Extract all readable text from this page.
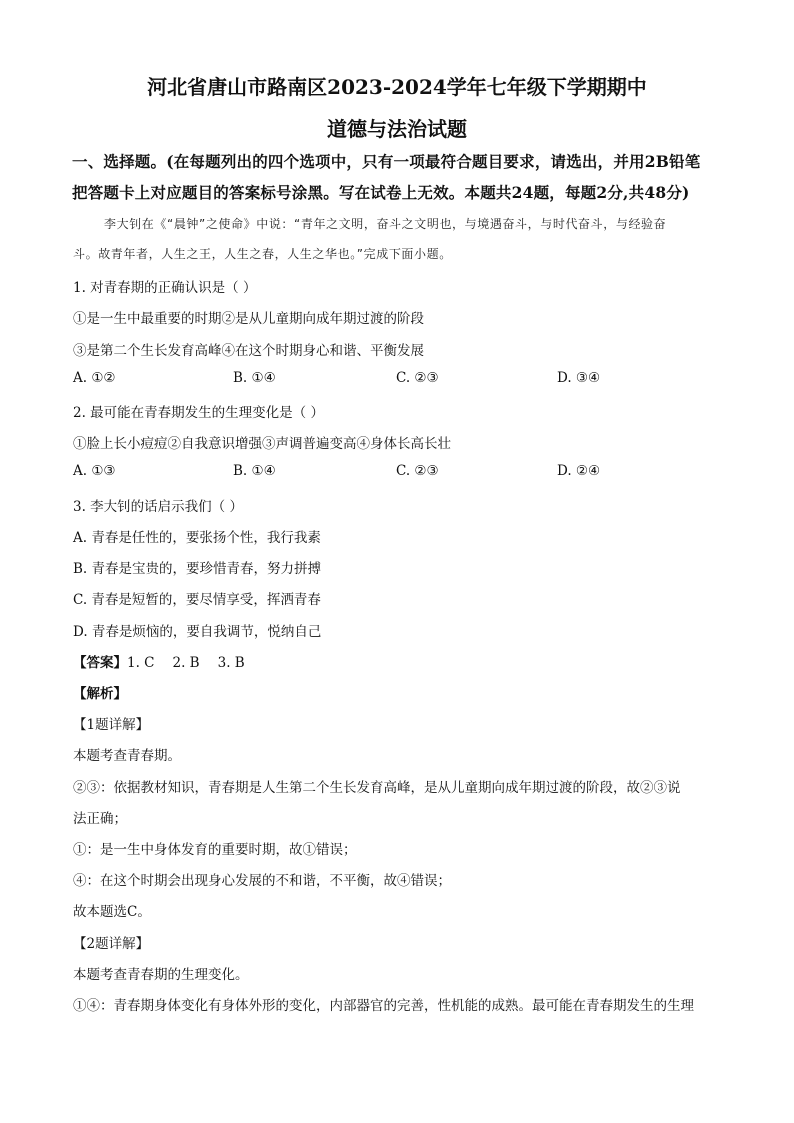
河北省唐山市路南区2023-2024学年七年级下学期期中
道德与法治试题
一、选择题。(在每题列出的四个选项中，只有一项最符合题目要求，请选出，并用2B铅笔
把答题卡上对应题目的答案标号涂黑。写在试卷上无效。本题共24题，每题2分,共48分)
李大钊在《“晨钟”之使命》中说：“青年之文明，奋斗之文明也，与境遇奋斗，与时代奋斗，与经验奋
斗。故青年者，人生之王，人生之春，人生之华也。”完成下面小题。
1. 对青春期的正确认识是（ ）
①是一生中最重要的时期②是从儿童期向成年期过渡的阶段
③是第二个生长发育高峰④在这个时期身心和谐、平衡发展
A. ①②	B. ①④	C. ②③	D. ③④
2. 最可能在青春期发生的生理变化是（ ）
①脸上长小痘痘②自我意识增强③声调普遍变高④身体长高长壮
A. ①③	B. ①④	C. ②③	D. ②④
3. 李大钊的话启示我们（ ）
A. 青春是任性的，要张扬个性，我行我素
B. 青春是宝贵的，要珍惜青春，努力拼搏
C. 青春是短暂的，要尽情享受，挥洒青春
D. 青春是烦恼的，要自我调节，悦纳自己
【答案】1. C 2. B 3. B
【解析】
【1题详解】
本题考查青春期。
②③：依据教材知识，青春期是人生第二个生长发育高峰，是从儿童期向成年期过渡的阶段，故②③说
法正确；
①：是一生中身体发育的重要时期，故①错误；
④：在这个时期会出现身心发展的不和谐，不平衡，故④错误；
故本题选C。
【2题详解】
本题考查青春期的生理变化。
①④：青春期身体变化有身体外形的变化，内部器官的完善，性机能的成熟。最可能在青春期发生的生理
